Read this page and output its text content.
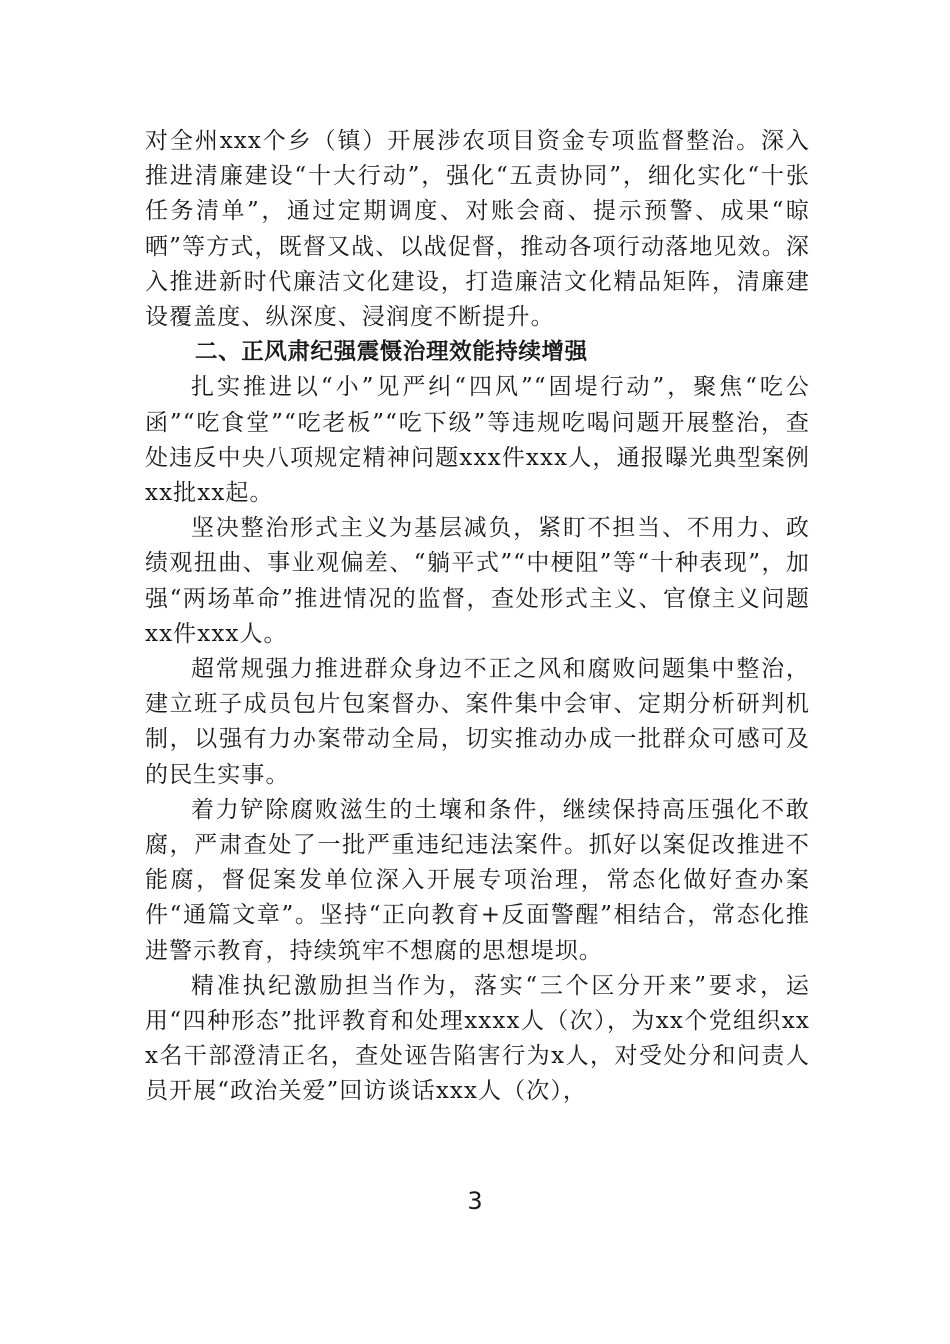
对全州xxx个乡（镇）开展涉农项目资金专项监督整治。深入推进清廉建设“十大行动”，强化“五责协同”，细化实化“十张任务清单”，通过定期调度、对账会商、提示预警、成果“晾晒”等方式，既督又战、以战促督，推动各项行动落地见效。深入推进新时代廉洁文化建设，打造廉洁文化精品矩阵，清廉建设覆盖度、纵深度、浸润度不断提升。

二、正风肃纪强震慑治理效能持续增强

扎实推进以“小”见严纠“四风”“固堤行动”，聚焦“吃公函”“吃食堂”“吃老板”“吃下级”等违规吃喝问题开展整治，查处违反中央八项规定精神问题xxx件xxx人，通报曝光典型案例xx批xx起。

坚决整治形式主义为基层减负，紧盯不担当、不用力、政绩观扭曲、事业观偏差、“躺平式”“中梗阻”等“十种表现”，加强“两场革命”推进情况的监督，查处形式主义、官僚主义问题xx件xxx人。

超常规强力推进群众身边不正之风和腐败问题集中整治，建立班子成员包片包案督办、案件集中会审、定期分析研判机制，以强有力办案带动全局，切实推动办成一批群众可感可及的民生实事。

着力铲除腐败滋生的土壤和条件，继续保持高压强化不敢腐，严肃查处了一批严重违纪违法案件。抓好以案促改推进不能腐，督促案发单位深入开展专项治理，常态化做好查办案件“通篇文章”。坚持“正向教育+反面警醒”相结合，常态化推进警示教育，持续筑牢不想腐的思想堤坝。

精准执纪激励担当作为，落实“三个区分开来”要求，运用“四种形态”批评教育和处理xxxx人（次），为xx个党组织xxx名干部澄清正名，查处诬告陷害行为x人，对受处分和问责人员开展“政治关爱”回访谈话xxx人（次），

3
